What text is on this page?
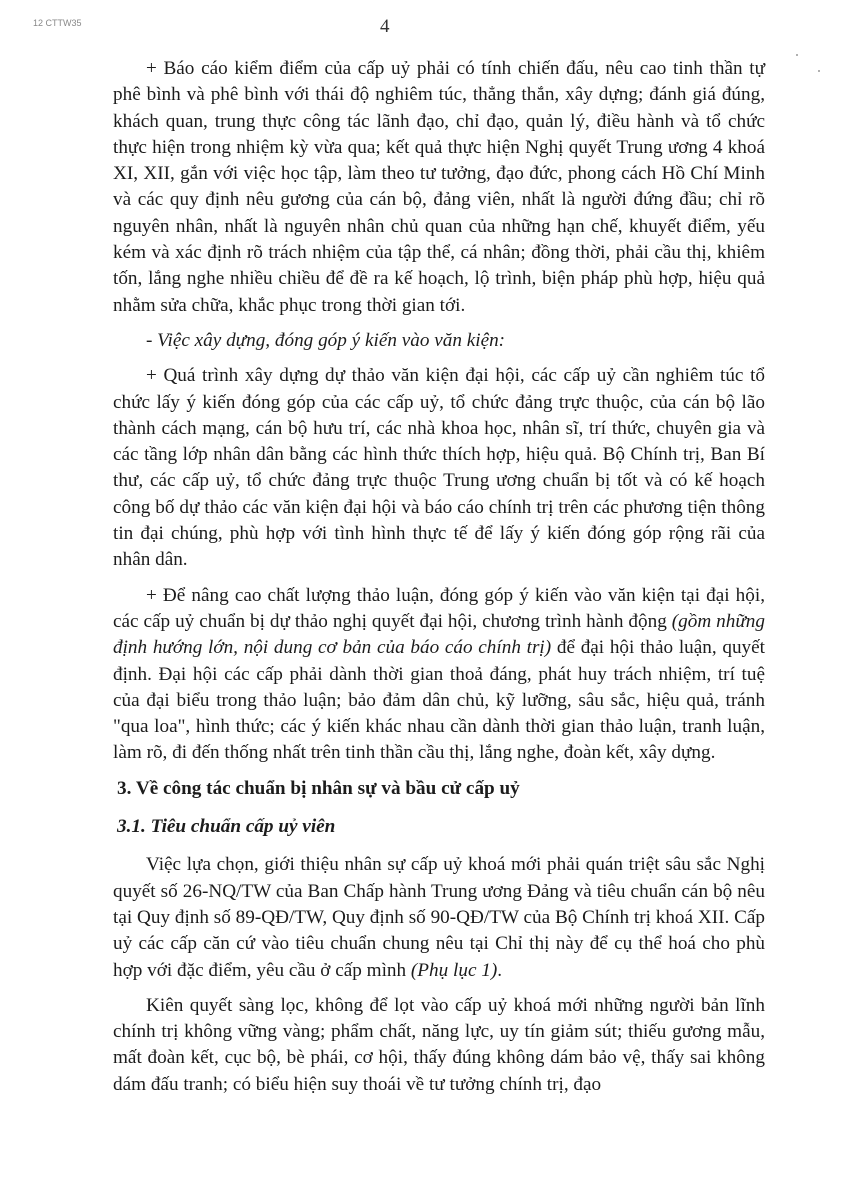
12 CTTW35	4

+ Báo cáo kiểm điểm của cấp uỷ phải có tính chiến đấu, nêu cao tinh thần tự phê bình và phê bình với thái độ nghiêm túc, thẳng thắn, xây dựng; đánh giá đúng, khách quan, trung thực công tác lãnh đạo, chỉ đạo, quản lý, điều hành và tổ chức thực hiện trong nhiệm kỳ vừa qua; kết quả thực hiện Nghị quyết Trung ương 4 khoá XI, XII, gắn với việc học tập, làm theo tư tưởng, đạo đức, phong cách Hồ Chí Minh và các quy định nêu gương của cán bộ, đảng viên, nhất là người đứng đầu; chỉ rõ nguyên nhân, nhất là nguyên nhân chủ quan của những hạn chế, khuyết điểm, yếu kém và xác định rõ trách nhiệm của tập thể, cá nhân; đồng thời, phải cầu thị, khiêm tốn, lắng nghe nhiều chiều để đề ra kế hoạch, lộ trình, biện pháp phù hợp, hiệu quả nhằm sửa chữa, khắc phục trong thời gian tới.

- Việc xây dựng, đóng góp ý kiến vào văn kiện:

+ Quá trình xây dựng dự thảo văn kiện đại hội, các cấp uỷ cần nghiêm túc tổ chức lấy ý kiến đóng góp của các cấp uỷ, tổ chức đảng trực thuộc, của cán bộ lão thành cách mạng, cán bộ hưu trí, các nhà khoa học, nhân sĩ, trí thức, chuyên gia và các tầng lớp nhân dân bằng các hình thức thích hợp, hiệu quả. Bộ Chính trị, Ban Bí thư, các cấp uỷ, tổ chức đảng trực thuộc Trung ương chuẩn bị tốt và có kế hoạch công bố dự thảo các văn kiện đại hội và báo cáo chính trị trên các phương tiện thông tin đại chúng, phù hợp với tình hình thực tế để lấy ý kiến đóng góp rộng rãi của nhân dân.

+ Để nâng cao chất lượng thảo luận, đóng góp ý kiến vào văn kiện tại đại hội, các cấp uỷ chuẩn bị dự thảo nghị quyết đại hội, chương trình hành động (gồm những định hướng lớn, nội dung cơ bản của báo cáo chính trị) để đại hội thảo luận, quyết định. Đại hội các cấp phải dành thời gian thoả đáng, phát huy trách nhiệm, trí tuệ của đại biểu trong thảo luận; bảo đảm dân chủ, kỹ lưỡng, sâu sắc, hiệu quả, tránh "qua loa", hình thức; các ý kiến khác nhau cần dành thời gian thảo luận, tranh luận, làm rõ, đi đến thống nhất trên tinh thần cầu thị, lắng nghe, đoàn kết, xây dựng.

3. Về công tác chuẩn bị nhân sự và bầu cử cấp uỷ
3.1. Tiêu chuẩn cấp uỷ viên

Việc lựa chọn, giới thiệu nhân sự cấp uỷ khoá mới phải quán triệt sâu sắc Nghị quyết số 26-NQ/TW của Ban Chấp hành Trung ương Đảng và tiêu chuẩn cán bộ nêu tại Quy định số 89-QĐ/TW, Quy định số 90-QĐ/TW của Bộ Chính trị khoá XII. Cấp uỷ các cấp căn cứ vào tiêu chuẩn chung nêu tại Chỉ thị này để cụ thể hoá cho phù hợp với đặc điểm, yêu cầu ở cấp mình (Phụ lục 1).

Kiên quyết sàng lọc, không để lọt vào cấp uỷ khoá mới những người bản lĩnh chính trị không vững vàng; phẩm chất, năng lực, uy tín giảm sút; thiếu gương mẫu, mất đoàn kết, cục bộ, bè phái, cơ hội, thấy đúng không dám bảo vệ, thấy sai không dám đấu tranh; có biểu hiện suy thoái về tư tưởng chính trị, đạo
